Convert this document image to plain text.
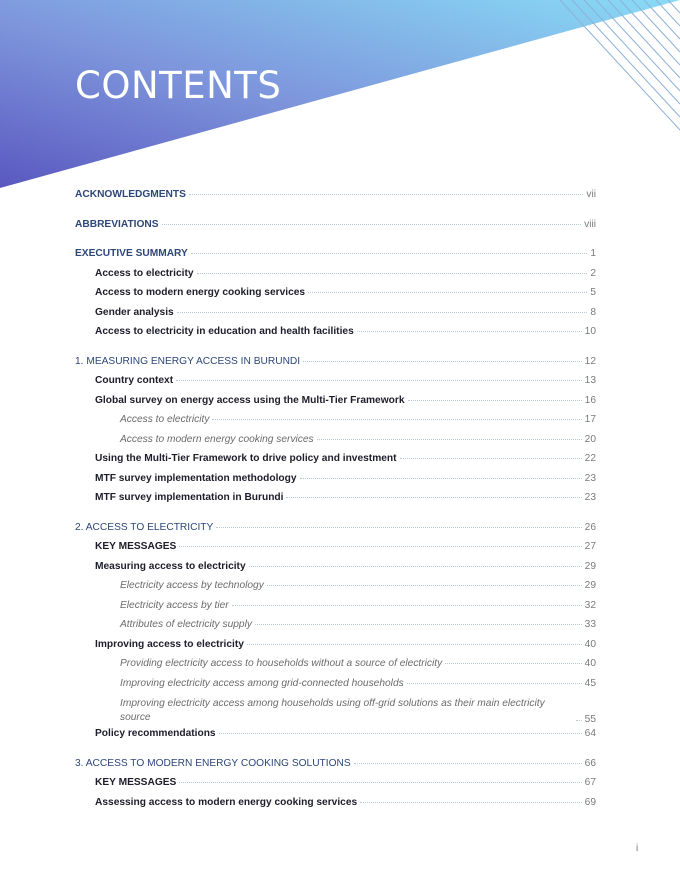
CONTENTS
ACKNOWLEDGMENTS	vii
ABBREVIATIONS	viii
EXECUTIVE SUMMARY	1
Access to electricity	2
Access to modern energy cooking services	5
Gender analysis	8
Access to electricity in education and health facilities	10
1. MEASURING ENERGY ACCESS IN BURUNDI	12
Country context	13
Global survey on energy access using the Multi-Tier Framework	16
Access to electricity	17
Access to modern energy cooking services	20
Using the Multi-Tier Framework to drive policy and investment	22
MTF survey implementation methodology	23
MTF survey implementation in Burundi	23
2. ACCESS TO ELECTRICITY	26
KEY MESSAGES	27
Measuring access to electricity	29
Electricity access by technology	29
Electricity access by tier	32
Attributes of electricity supply	33
Improving access to electricity	40
Providing electricity access to households without a source of electricity	40
Improving electricity access among grid-connected households	45
Improving electricity access among households using off-grid solutions as their main electricity source	55
Policy recommendations	64
3. ACCESS TO MODERN ENERGY COOKING SOLUTIONS	66
KEY MESSAGES	67
Assessing access to modern energy cooking services	69
i
